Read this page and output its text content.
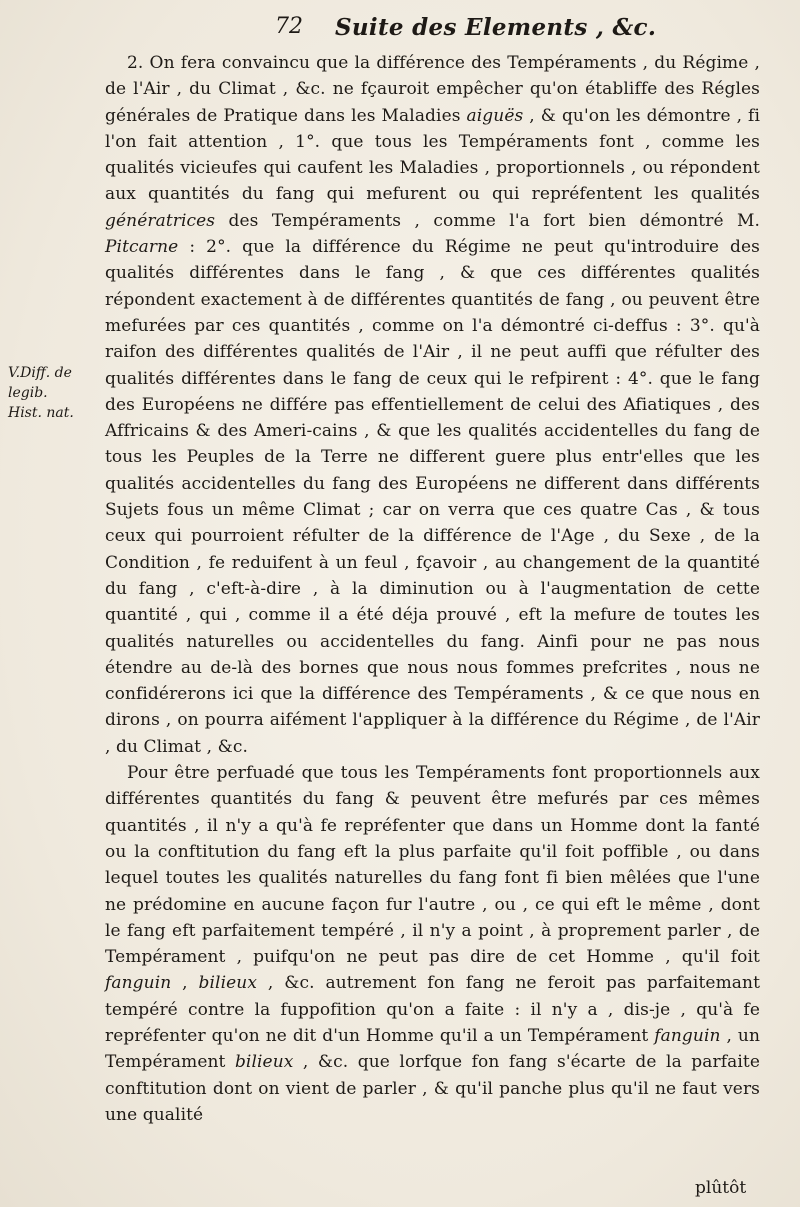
72 Suite des Elements , &c.
V.Diff. de legib.
Hist. nat.

2. On fera convaincu que la différence des Tempéraments , du Régime , de l'Air , du Climat , &c. ne fçauroit empêcher qu'on établiffe des Régles générales de Pratique dans les Maladies aiguës , & qu'on les démontre , fi l'on fait attention , 1°. que tous les Tempéraments font , comme les qualités vicieufes qui caufent les Maladies , proportionnels , ou répondent aux quantités du fang qui mefurent ou qui repréfentent les qualités génératrices des Tempéraments , comme l'a fort bien démontré M. Pitcarne : 2°. que la différence du Régime ne peut qu'introduire des qualités différentes dans le fang , & que ces différentes qualités répondent exactement à de différentes quantités de fang , ou peuvent être mefurées par ces quantités , comme on l'a démontré ci-deffus : 3°. qu'à raifon des différentes qualités de l'Air , il ne peut auffi que réfulter des qualités différentes dans le fang de ceux qui le refpirent : 4°. que le fang des Européens ne différe pas effentiellement de celui des Afiatiques , des Affricains & des Ameri-cains , & que les qualités accidentelles du fang de tous les Peuples de la Terre ne different guere plus entr'elles que les qualités accidentelles du fang des Européens ne different dans différents Sujets fous un même Climat ; car on verra que ces quatre Cas , & tous ceux qui pourroient réfulter de la différence de l'Age , du Sexe , de la Condition , fe reduifent à un feul , fçavoir , au changement de la quantité du fang , c'eft-à-dire , à la diminution ou à l'augmentation de cette quantité , qui , comme il a été déja prouvé , eft la mefure de toutes les qualités naturelles ou accidentelles du fang. Ainfi pour ne pas nous étendre au de-là des bornes que nous nous fommes prefcrites , nous ne confidérerons ici que la différence des Tempéraments , & ce que nous en dirons , on pourra aifément l'appliquer à la différence du Régime , de l'Air , du Climat , &c.

Pour être perfuadé que tous les Tempéraments font proportionnels aux différentes quantités du fang & peuvent être mefurés par ces mêmes quantités , il n'y a qu'à fe repréfenter que dans un Homme dont la fanté ou la conftitution du fang eft la plus parfaite qu'il foit poffible , ou dans lequel toutes les qualités naturelles du fang font fi bien mêlées que l'une ne prédomine en aucune façon fur l'autre , ou , ce qui eft le même , dont le fang eft parfaitement tempéré , il n'y a point , à proprement parler , de Tempérament , puifqu'on ne peut pas dire de cet Homme , qu'il foit fanguin , bilieux , &c. autrement fon fang ne feroit pas parfaitemant tempéré contre la fuppofition qu'on a faite : il n'y a , dis-je , qu'à fe repréfenter qu'on ne dit d'un Homme qu'il a un Tempérament fanguin , un Tempérament bilieux , &c. que lorfque fon fang s'écarte de la parfaite conftitution dont on vient de parler , & qu'il panche plus qu'il ne faut vers une qualité

plûtôt
